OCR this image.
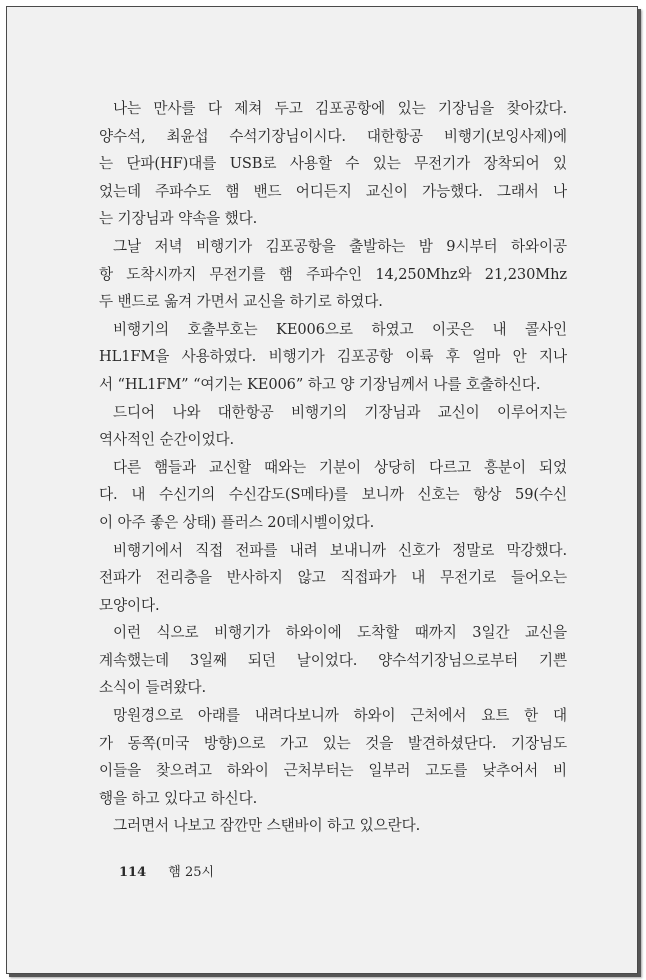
나는 만사를 다 제쳐 두고 김포공항에 있는 기장님을 찾아갔다.
양수석, 최윤섭 수석기장님이시다. 대한항공 비행기(보잉사제)에
는 단파(HF)대를 USB로 사용할 수 있는 무전기가 장착되어 있
었는데 주파수도 햄 밴드 어디든지 교신이 가능했다. 그래서 나
는 기장님과 약속을 했다.
그날 저녁 비행기가 김포공항을 출발하는 밤 9시부터 하와이공
항 도착시까지 무전기를 햄 주파수인 14,250Mhz와 21,230Mhz
두 밴드로 옮겨 가면서 교신을 하기로 하였다.
비행기의 호출부호는 KE006으로 하였고 이곳은 내 콜사인
HL1FM을 사용하였다. 비행기가 김포공항 이륙 후 얼마 안 지나
서 “HL1FM” “여기는 KE006” 하고 양 기장님께서 나를 호출하신다.
드디어 나와 대한항공 비행기의 기장님과 교신이 이루어지는
역사적인 순간이었다.
다른 햄들과 교신할 때와는 기분이 상당히 다르고 흥분이 되었
다. 내 수신기의 수신감도(S메타)를 보니까 신호는 항상 59(수신
이 아주 좋은 상태) 플러스 20데시벨이었다.
비행기에서 직접 전파를 내려 보내니까 신호가 정말로 막강했다.
전파가 전리층을 반사하지 않고 직접파가 내 무전기로 들어오는
모양이다.
이런 식으로 비행기가 하와이에 도착할 때까지 3일간 교신을
계속했는데 3일째 되던 날이었다. 양수석기장님으로부터 기쁜
소식이 들려왔다.
망원경으로 아래를 내려다보니까 하와이 근처에서 요트 한 대
가 동쪽(미국 방향)으로 가고 있는 것을 발견하셨단다. 기장님도
이들을 찾으려고 하와이 근처부터는 일부러 고도를 낮추어서 비
행을 하고 있다고 하신다.
그러면서 나보고 잠깐만 스탠바이 하고 있으란다.
114 햄 25시
